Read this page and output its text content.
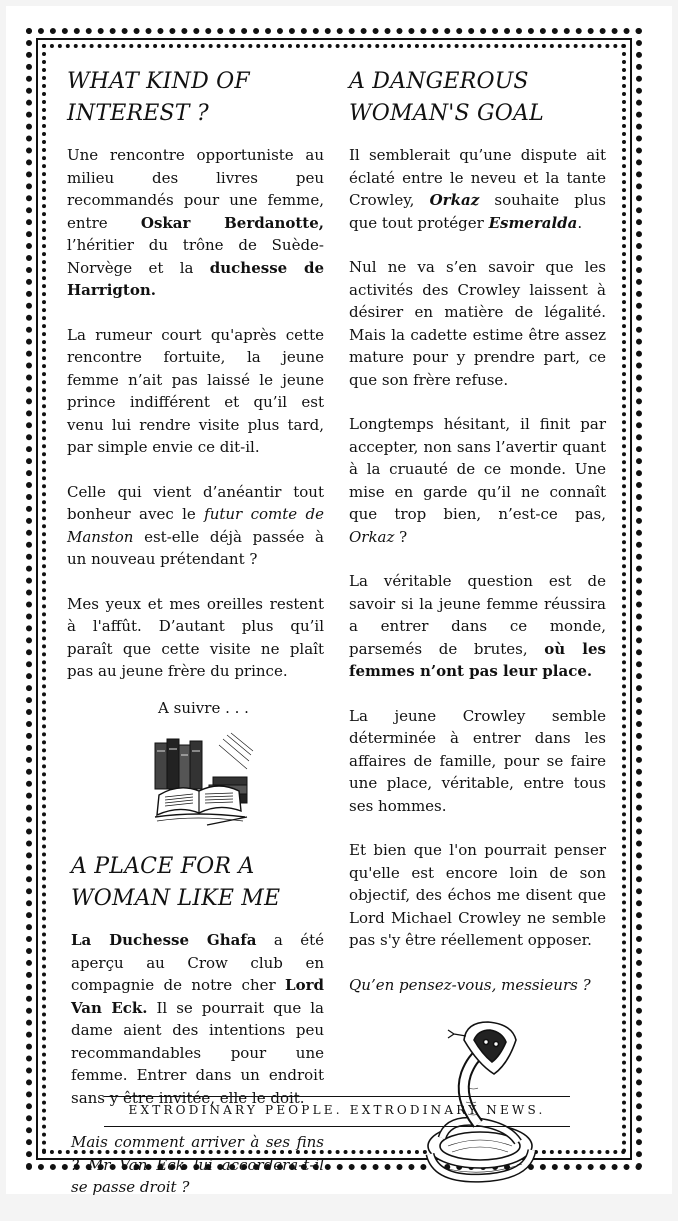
WHAT KIND OF
INTEREST ?

Une rencontre opportuniste au milieu des livres peu recommandés pour une femme, entre Oskar Berdanotte, l’héritier du trône de Suède-Norvège et la duchesse de Harrigton.

La rumeur court qu'après cette rencontre fortuite, la jeune femme n’ait pas laissé le jeune prince indifférent et qu’il est venu lui rendre visite plus tard, par simple envie ce dit-il.

Celle qui vient d’anéantir tout bonheur avec le futur comte de Manston est-elle déjà passée à un nouveau prétendant ?

Mes yeux et mes oreilles restent à l'affût. D’autant plus qu’il paraît que cette visite ne plaît pas au jeune frère du prince.

A suivre . . .
A PLACE FOR A
WOMAN LIKE ME

La Duchesse Ghafa a été aperçu au Crow club en compagnie de notre cher Lord Van Eck. Il se pourrait que la dame aient des intentions peu recommandables pour une femme. Entrer dans un endroit sans y être invitée, elle le doit.

Mais comment arriver à ses fins ? Mr Van Eck lui accordera-t-il se passe droit ?

A DANGEROUS
WOMAN'S GOAL

Il semblerait qu’une dispute ait éclaté entre le neveu et la tante Crowley, Orkaz souhaite plus que tout protéger Esmeralda.

Nul ne va s’en savoir que les activités des Crowley laissent à désirer en matière de légalité. Mais la cadette estime être assez mature pour y prendre part, ce que son frère refuse.

Longtemps hésitant, il finit par accepter, non sans l’avertir quant à la cruauté de ce monde. Une mise en garde qu’il ne connaît que trop bien, n’est-ce pas, Orkaz ?

La véritable question est de savoir si la jeune femme réussira a entrer dans ce monde, parsemés de brutes, où les femmes n’ont pas leur place.

La jeune Crowley semble déterminée à entrer dans les affaires de famille, pour se faire une place, véritable, entre tous ses hommes.

Et bien que l'on pourrait penser qu'elle est encore loin de son objectif, des échos me disent que Lord Michael Crowley ne semble pas s'y être réellement opposer.

Qu’en pensez-vous, messieurs ?

EXTRODINARY PEOPLE. EXTRODINARY NEWS.
